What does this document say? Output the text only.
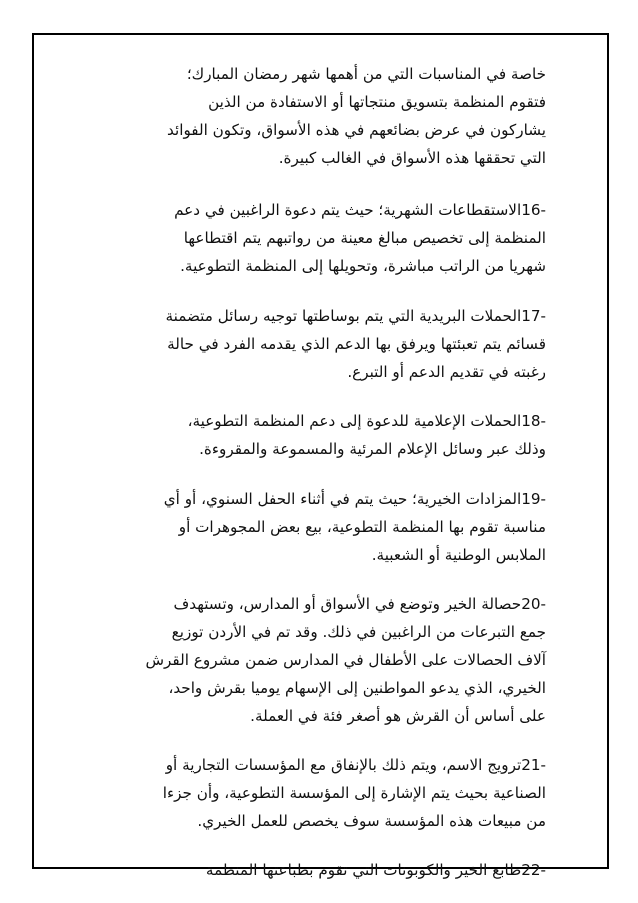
خاصة في المناسبات التي من أهمها شهر رمضان المبارك؛
فتقوم المنظمة بتسويق منتجاتها أو الاستفادة من الذين
يشاركون في عرض بضائعهم في هذه الأسواق، وتكون الفوائد
التي تحققها هذه الأسواق في الغالب كبيرة.
-16الاستقطاعات الشهرية؛ حيث يتم دعوة الراغبين في دعم
المنظمة إلى تخصيص مبالغ معينة من رواتبهم يتم اقتطاعها
شهريا من الراتب مباشرة، وتحويلها إلى المنظمة التطوعية.
-17الحملات البريدية التي يتم بوساطتها توجيه رسائل متضمنة
قسائم يتم تعبئتها ويرفق بها الدعم الذي يقدمه الفرد في حالة
رغبته في تقديم الدعم أو التبرع.
-18الحملات الإعلامية للدعوة إلى دعم المنظمة التطوعية،
وذلك عبر وسائل الإعلام المرئية والمسموعة والمقروءة.
-19المزادات الخيرية؛ حيث يتم في أثناء الحفل السنوي، أو أي
مناسبة تقوم بها المنظمة التطوعية، بيع بعض المجوهرات أو
الملابس الوطنية أو الشعبية.
-20حصالة الخير وتوضع في الأسواق أو المدارس، وتستهدف
جمع التبرعات من الراغبين في ذلك. وقد تم في الأردن توزيع
آلاف الحصالات على الأطفال في المدارس ضمن مشروع القرش
الخيري، الذي يدعو المواطنين إلى الإسهام يوميا بقرش واحد،
على أساس أن القرش هو أصغر فئة في العملة.
-21ترويج الاسم، ويتم ذلك بالإنفاق مع المؤسسات التجارية أو
الصناعية بحيث يتم الإشارة إلى المؤسسة التطوعية، وأن جزءا
من مبيعات هذه المؤسسة سوف يخصص للعمل الخيري.
-22طابع الخير والكوبونات التي تقوم بطباعتها المنظمة
